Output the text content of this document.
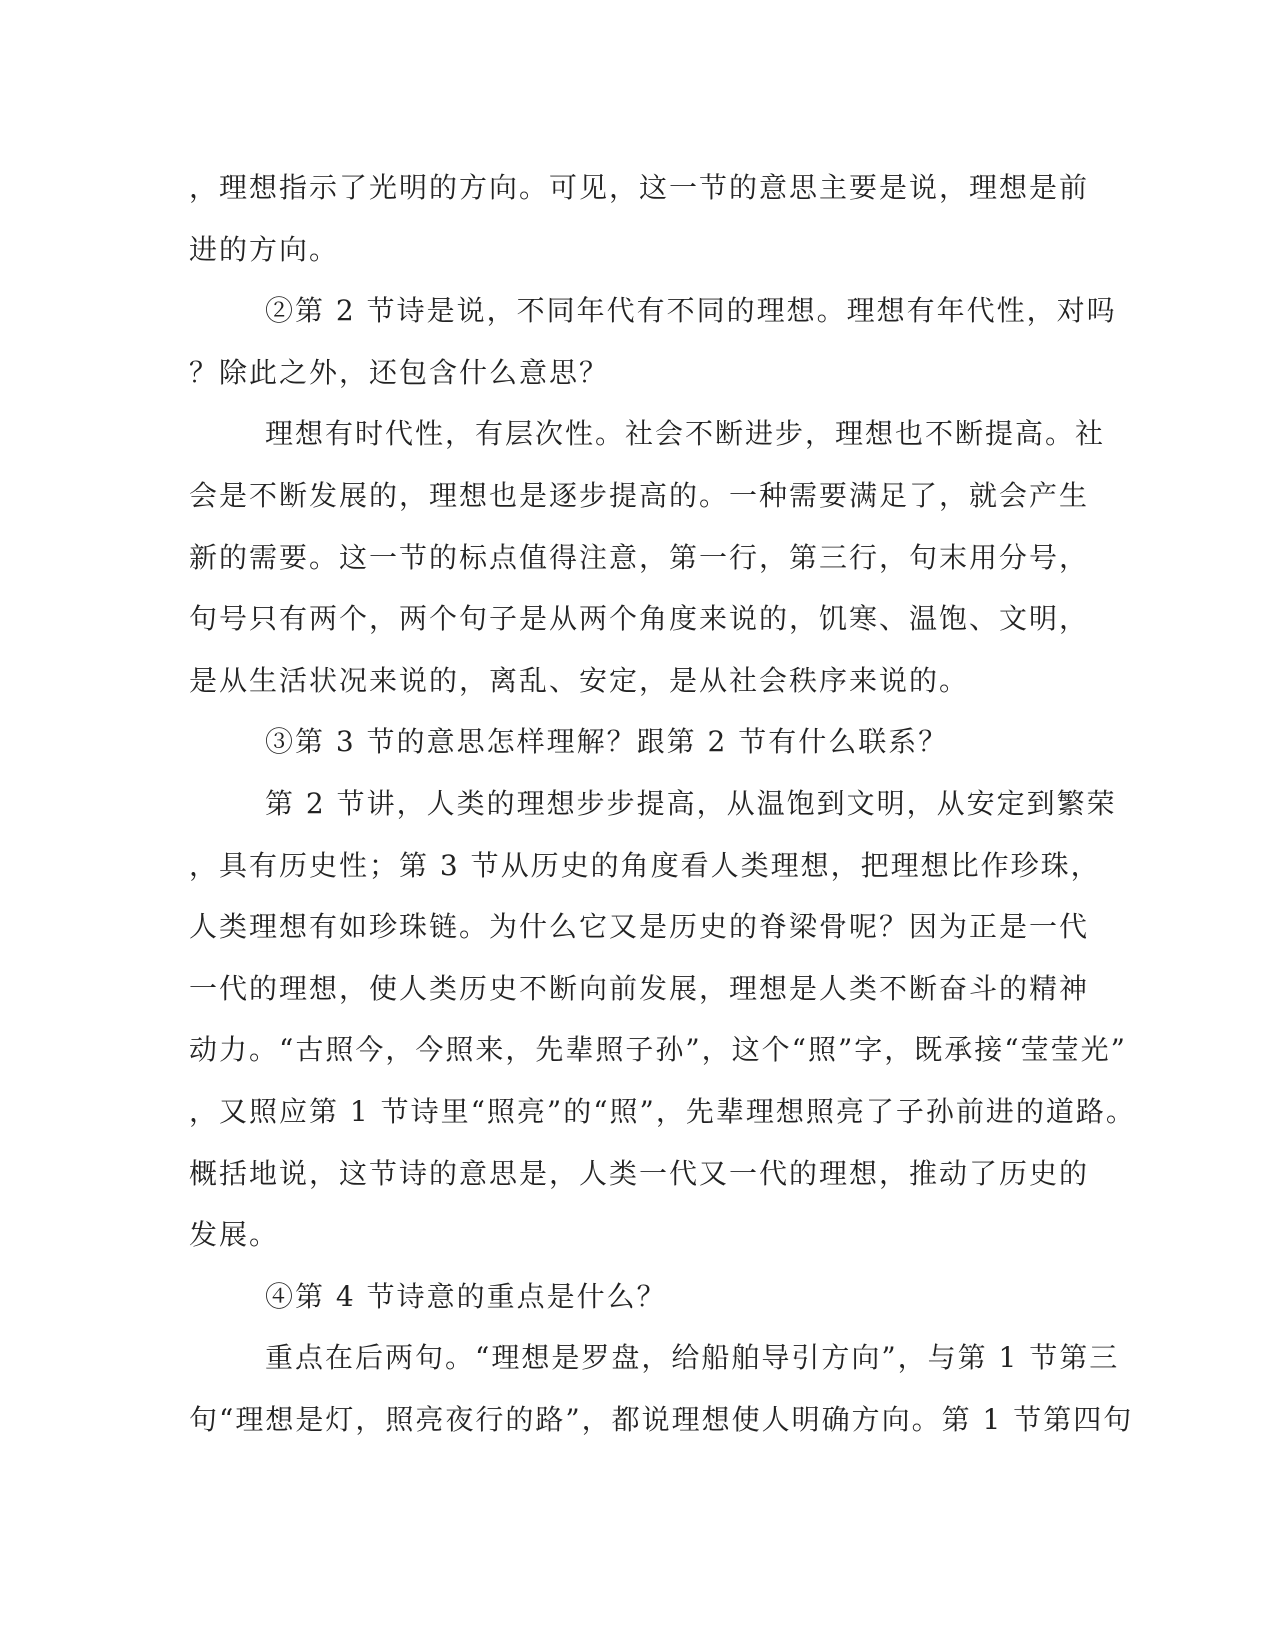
，理想指示了光明的方向。可见，这一节的意思主要是说，理想是前
进的方向。
②第 2 节诗是说，不同年代有不同的理想。理想有年代性，对吗
？除此之外，还包含什么意思？
理想有时代性，有层次性。社会不断进步，理想也不断提高。社
会是不断发展的，理想也是逐步提高的。一种需要满足了，就会产生
新的需要。这一节的标点值得注意，第一行，第三行，句末用分号，
句号只有两个，两个句子是从两个角度来说的，饥寒、温饱、文明，
是从生活状况来说的，离乱、安定，是从社会秩序来说的。
③第 3 节的意思怎样理解？跟第 2 节有什么联系？
第 2 节讲，人类的理想步步提高，从温饱到文明，从安定到繁荣
，具有历史性；第 3 节从历史的角度看人类理想，把理想比作珍珠，
人类理想有如珍珠链。为什么它又是历史的脊梁骨呢？因为正是一代
一代的理想，使人类历史不断向前发展，理想是人类不断奋斗的精神
动力。“古照今，今照来，先辈照子孙”，这个“照”字，既承接“莹莹光”
，又照应第 1 节诗里“照亮”的“照”，先辈理想照亮了子孙前进的道路。
概括地说，这节诗的意思是，人类一代又一代的理想，推动了历史的
发展。
④第 4 节诗意的重点是什么？
重点在后两句。“理想是罗盘，给船舶导引方向”，与第 1 节第三
句“理想是灯，照亮夜行的路”，都说理想使人明确方向。第 1 节第四句
